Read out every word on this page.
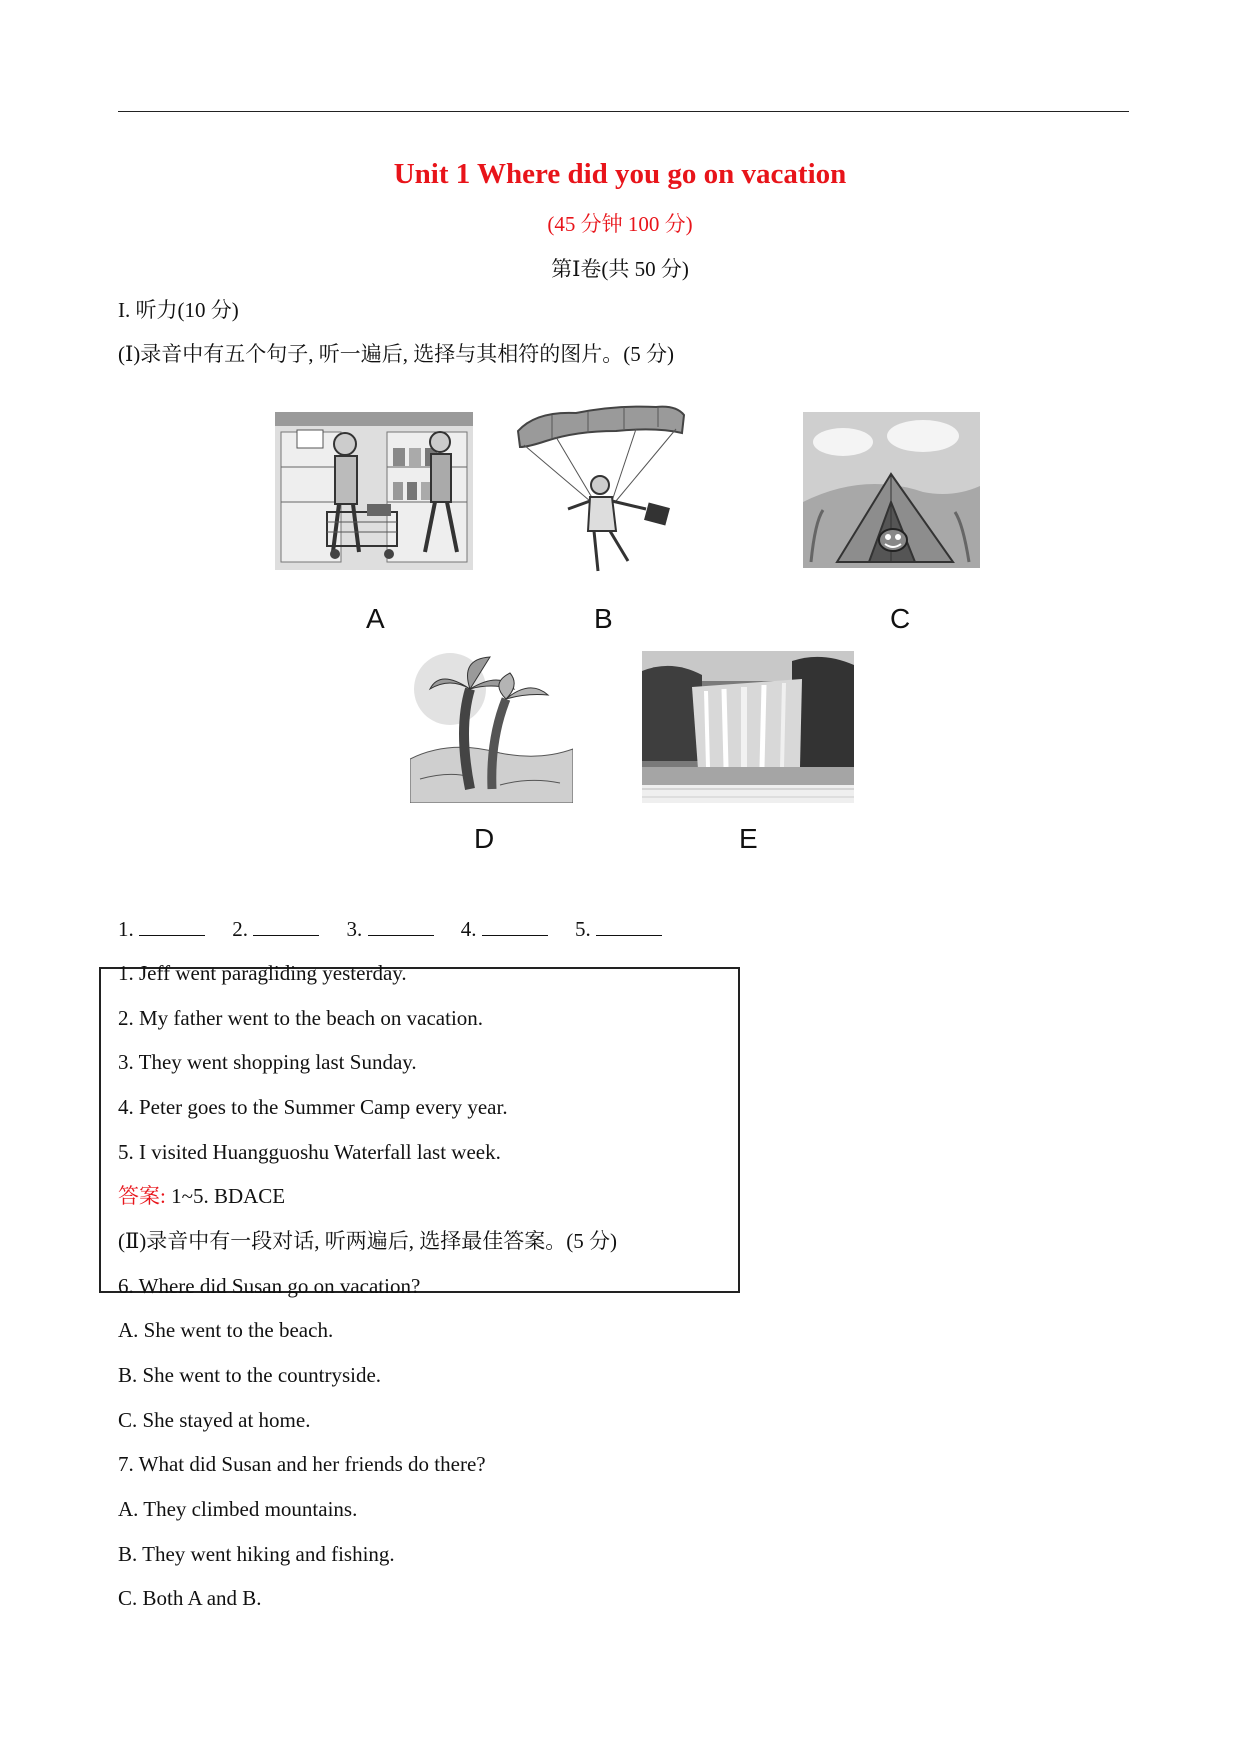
Unit 1 Where did you go on vacation
(45 分钟 100 分)
第Ⅰ卷(共 50 分)
I. 听力(10 分)
(Ⅰ)录音中有五个句子, 听一遍后, 选择与其相符的图片。(5 分)
A	B	C
D	E
1.	2.	3.	4.	5.
1. Jeff went paragliding yesterday.
2. My father went to the beach on vacation.
3. They went shopping last Sunday.
4. Peter goes to the Summer Camp every year.
5. I visited Huangguoshu Waterfall last week.
答案: 1~5. BDACE
(Ⅱ)录音中有一段对话, 听两遍后, 选择最佳答案。(5 分)
6. Where did Susan go on vacation?
A. She went to the beach.
B. She went to the countryside.
C. She stayed at home.
7. What did Susan and her friends do there?
A. They climbed mountains.
B. They went hiking and fishing.
C. Both A and B.
